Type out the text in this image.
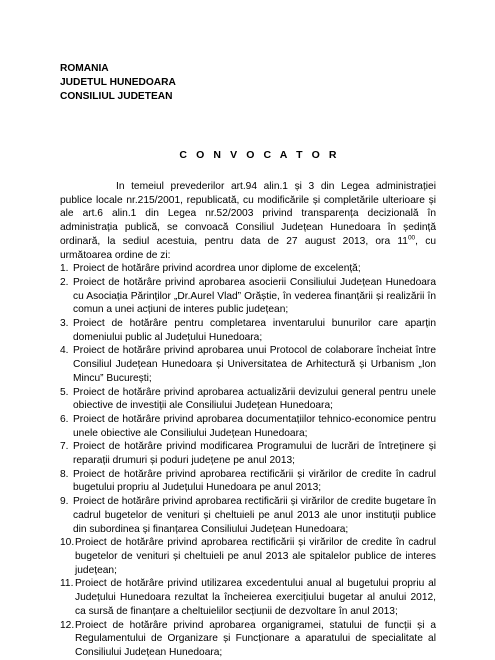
ROMANIA
JUDETUL HUNEDOARA
CONSILIUL JUDETEAN
C O N V O C A T O R

In temeiul prevederilor art.94 alin.1 și 3 din Legea administrației publice locale nr.215/2001, republicată, cu modificările și completările ulterioare și ale art.6 alin.1 din Legea nr.52/2003 privind transparența decizională în administrația publică, se convoacă Consiliul Județean Hunedoara în ședință ordinară, la sediul acestuia, pentru data de 27 august 2013, ora $11^{00}$, cu următoarea ordine de zi:

1. Proiect de hotărâre privind acordrea unor diplome de excelență;
2. Proiect de hotărâre privind aprobarea asocierii Consiliului Județean Hunedoara cu Asociația Părinților „Dr.Aurel Vlad” Orăștie, în vederea finanțării și realizării în comun a unei acțiuni de interes public județean;
3. Proiect de hotărâre pentru completarea inventarului bunurilor care aparțin domeniului public al Județului Hunedoara;
4. Proiect de hotărâre privind aprobarea unui Protocol de colaborare încheiat între Consiliul Județean Hunedoara și Universitatea de Arhitectură și Urbanism „Ion Mincu” București;
5. Proiect de hotărâre privind aprobarea actualizării devizului general pentru unele obiective de investiții ale Consiliului Județean Hunedoara;
6. Proiect de hotărâre privind aprobarea documentațiilor tehnico-economice pentru unele obiective ale Consiliului Județean Hunedoara;
7. Proiect de hotărâre privind modificarea Programului de lucrări de întreținere și reparații drumuri și poduri județene pe anul 2013;
8. Proiect de hotărâre privind aprobarea rectificării și virărilor de credite în cadrul bugetului propriu al Județului Hunedoara pe anul 2013;
9. Proiect de hotărâre privind aprobarea rectificării și virărilor de credite bugetare în cadrul bugetelor de venituri și cheltuieli pe anul 2013 ale unor instituții publice din subordinea și finanțarea Consiliului Județean Hunedoara;
10. Proiect de hotărâre privind aprobarea rectificării și virărilor de credite în cadrul bugetelor de venituri și cheltuieli pe anul 2013 ale spitalelor publice de interes județean;
11. Proiect de hotărâre privind utilizarea excedentului anual al bugetului propriu al Județului Hunedoara rezultat la încheierea exercițiului bugetar al anului 2012, ca sursă de finanțare a cheltuielilor secțiunii de dezvoltare în anul 2013;
12. Proiect de hotărâre privind aprobarea organigramei, statului de funcții și a Regulamentului de Organizare și Funcționare a aparatului de specialitate al Consiliului Județean Hunedoara;
